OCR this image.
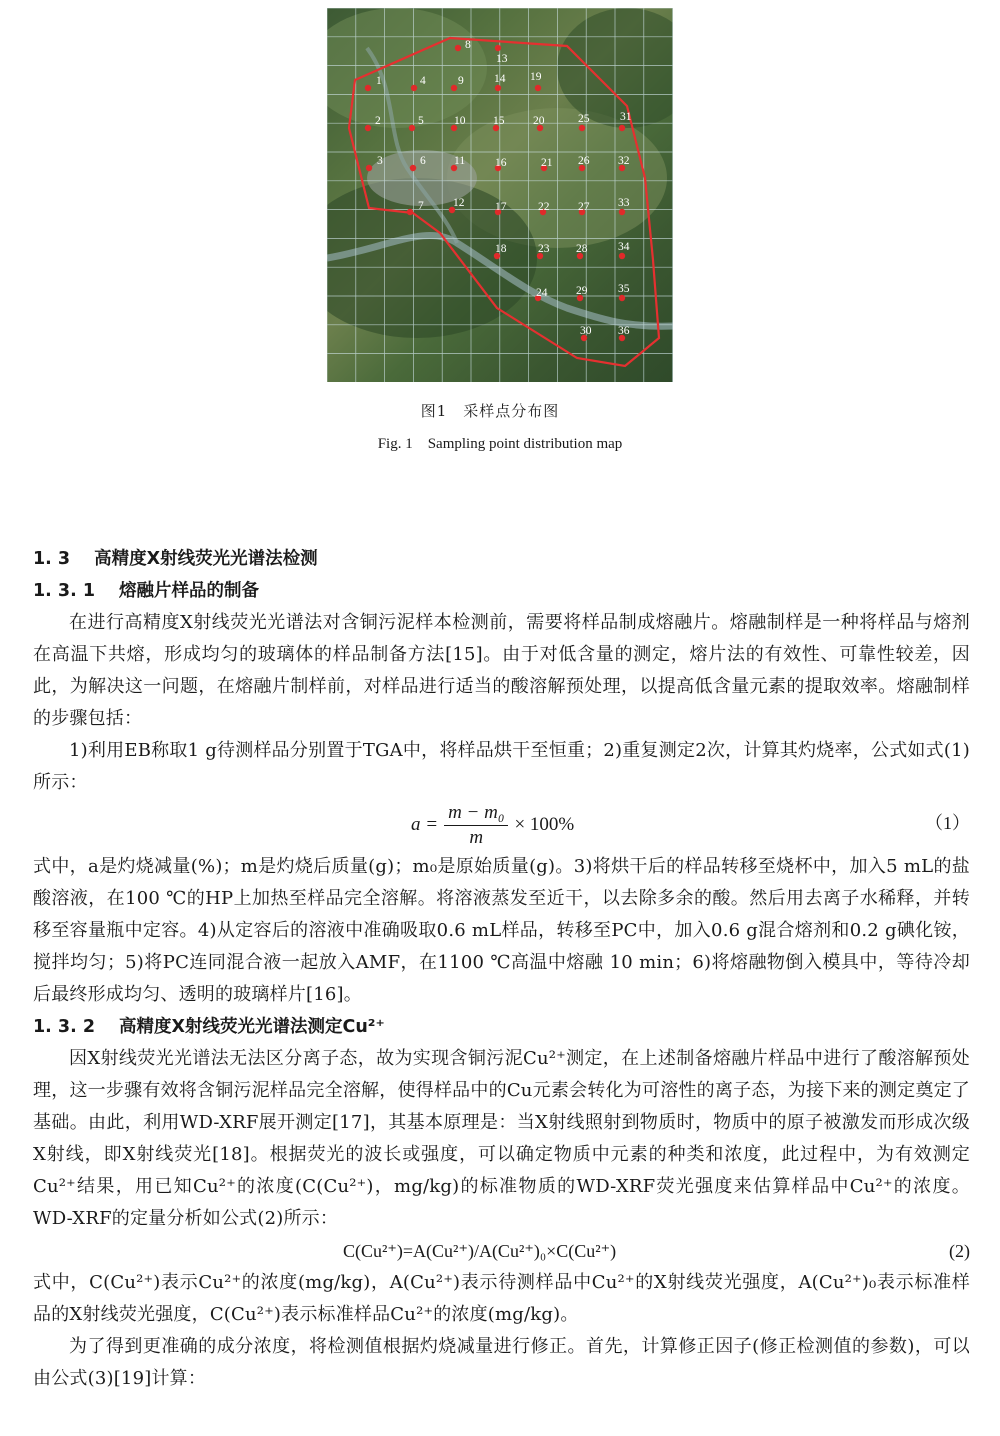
1
2
3
4
5
6
7
8
9
10
11
12
13
14
15
16
17
18
19
20
21
22
23
24
25
26
27
28
29
30
31
32
33
34
35
36
图1　采样点分布图
Fig. 1　Sampling point distribution map
1. 3 高精度X射线荧光光谱法检测
1. 3. 1 熔融片样品的制备

在进行高精度X射线荧光光谱法对含铜污泥样本检测前，需要将样品制成熔融片。熔融制样是一种将样品与熔剂在高温下共熔，形成均匀的玻璃体的样品制备方法[15]。由于对低含量的测定，熔片法的有效性、可靠性较差，因此，为解决这一问题，在熔融片制样前，对样品进行适当的酸溶解预处理，以提高低含量元素的提取效率。熔融制样的步骤包括：

1)利用EB称取1 g待测样品分别置于TGA中，将样品烘干至恒重；2)重复测定2次，计算其灼烧率，公式如式(1)所示：

$a = \frac{\text{m − m₀}}{m} \times 100\%$	（1）

式中，a是灼烧减量(%)；m是灼烧后质量(g)；m₀是原始质量(g)。3)将烘干后的样品转移至烧杯中，加入5 mL的盐酸溶液，在100 ℃的HP上加热至样品完全溶解。将溶液蒸发至近干，以去除多余的酸。然后用去离子水稀释，并转移至容量瓶中定容。4)从定容后的溶液中准确吸取0.6 mL样品，转移至PC中，加入0.6 g混合熔剂和0.2 g碘化铵，搅拌均匀；5)将PC连同混合液一起放入AMF，在1100 ℃高温中熔融 10 min；6)将熔融物倒入模具中，等待冷却后最终形成均匀、透明的玻璃样片[16]。

1. 3. 2 高精度X射线荧光光谱法测定Cu²⁺

因X射线荧光光谱法无法区分离子态，故为实现含铜污泥Cu²⁺测定，在上述制备熔融片样品中进行了酸溶解预处理，这一步骤有效将含铜污泥样品完全溶解，使得样品中的Cu元素会转化为可溶性的离子态，为接下来的测定奠定了基础。由此，利用WD-XRF展开测定[17]，其基本原理是：当X射线照射到物质时，物质中的原子被激发而形成次级X射线，即X射线荧光[18]。根据荧光的波长或强度，可以确定物质中元素的种类和浓度，此过程中，为有效测定Cu²⁺结果，用已知Cu²⁺的浓度(C(Cu²⁺)，mg/kg)的标准物质的WD-XRF荧光强度来估算样品中Cu²⁺的浓度。WD-XRF的定量分析如公式(2)所示：

C(Cu²⁺)=A(Cu²⁺)/A(Cu²⁺)₀×C(Cu²⁺)	(2)

式中，C(Cu²⁺)表示Cu²⁺的浓度(mg/kg)，A(Cu²⁺)表示待测样品中Cu²⁺的X射线荧光强度，A(Cu²⁺)₀表示标准样品的X射线荧光强度，C(Cu²⁺)表示标准样品Cu²⁺的浓度(mg/kg)。

为了得到更准确的成分浓度，将检测值根据灼烧减量进行修正。首先，计算修正因子(修正检测值的参数)，可以由公式(3)[19]计算：
